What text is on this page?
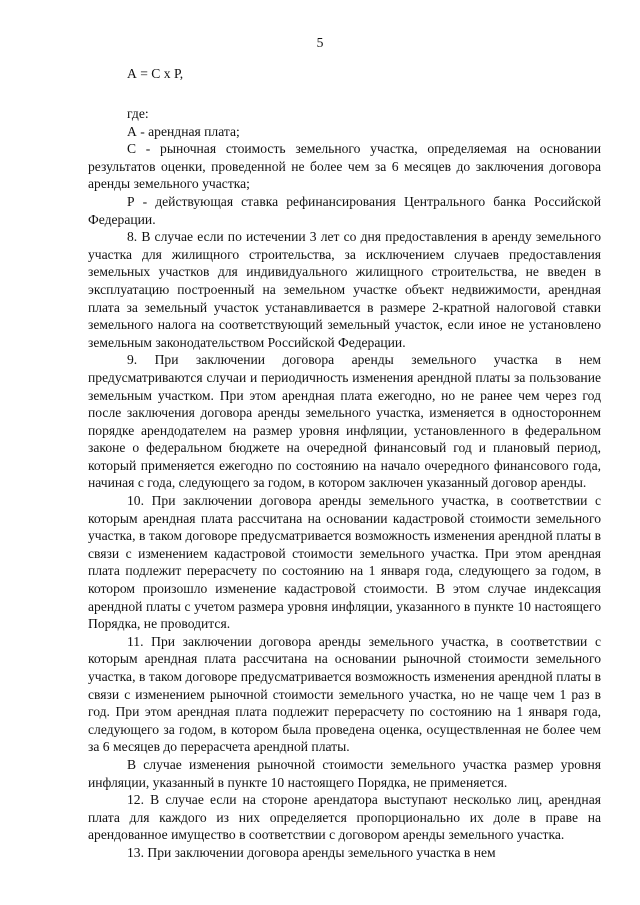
5
А = С х Р,

где:

А - арендная плата;

С - рыночная стоимость земельного участка, определяемая на основании результатов оценки, проведенной не более чем за 6 месяцев до заключения договора аренды земельного участка;

Р - действующая ставка рефинансирования Центрального банка Российской Федерации.

8. В случае если по истечении 3 лет со дня предоставления в аренду земельного участка для жилищного строительства, за исключением случаев предоставления земельных участков для индивидуального жилищного строительства, не введен в эксплуатацию построенный на земельном участке объект недвижимости, арендная плата за земельный участок устанавливается в размере 2-кратной налоговой ставки земельного налога на соответствующий земельный участок, если иное не установлено земельным законодательством Российской Федерации.

9. При заключении договора аренды земельного участка в нем предусматриваются случаи и периодичность изменения арендной платы за пользование земельным участком. При этом арендная плата ежегодно, но не ранее чем через год после заключения договора аренды земельного участка, изменяется в одностороннем порядке арендодателем на размер уровня инфляции, установленного в федеральном законе о федеральном бюджете на очередной финансовый год и плановый период, который применяется ежегодно по состоянию на начало очередного финансового года, начиная с года, следующего за годом, в котором заключен указанный договор аренды.

10. При заключении договора аренды земельного участка, в соответствии с которым арендная плата рассчитана на основании кадастровой стоимости земельного участка, в таком договоре предусматривается возможность изменения арендной платы в связи с изменением кадастровой стоимости земельного участка. При этом арендная плата подлежит перерасчету по состоянию на 1 января года, следующего за годом, в котором произошло изменение кадастровой стоимости. В этом случае индексация арендной платы с учетом размера уровня инфляции, указанного в пункте 10 настоящего Порядка, не проводится.

11. При заключении договора аренды земельного участка, в соответствии с которым арендная плата рассчитана на основании рыночной стоимости земельного участка, в таком договоре предусматривается возможность изменения арендной платы в связи с изменением рыночной стоимости земельного участка, но не чаще чем 1 раз в год. При этом арендная плата подлежит перерасчету по состоянию на 1 января года, следующего за годом, в котором была проведена оценка, осуществленная не более чем за 6 месяцев до перерасчета арендной платы.

В случае изменения рыночной стоимости земельного участка размер уровня инфляции, указанный в пункте 10 настоящего Порядка, не применяется.

12. В случае если на стороне арендатора выступают несколько лиц, арендная плата для каждого из них определяется пропорционально их доле в праве на арендованное имущество в соответствии с договором аренды земельного участка.

13. При заключении договора аренды земельного участка в нем
